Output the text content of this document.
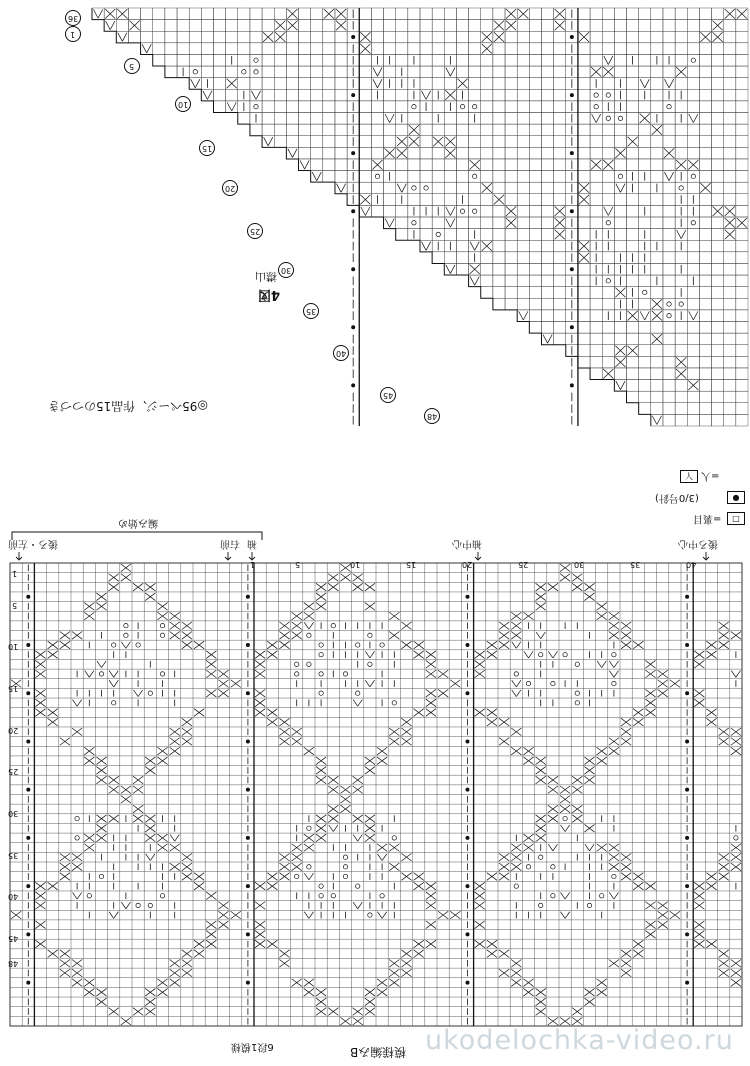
◎95ページ、作品15のつづき
4図
襟山
36
1
5
10
15
20
25
30
35
40
45
48
人 =人
●
(3/0号針)
□
=裏目
編み始め
後ろ・左前	右前 袖	袖中心	後ろ中心
6段1模様	模様編みB
1	5	10	15	20	25	30	35	40
1
5
10
15
20
25
30
35
40
45
48
ukodelochka-video.ru
